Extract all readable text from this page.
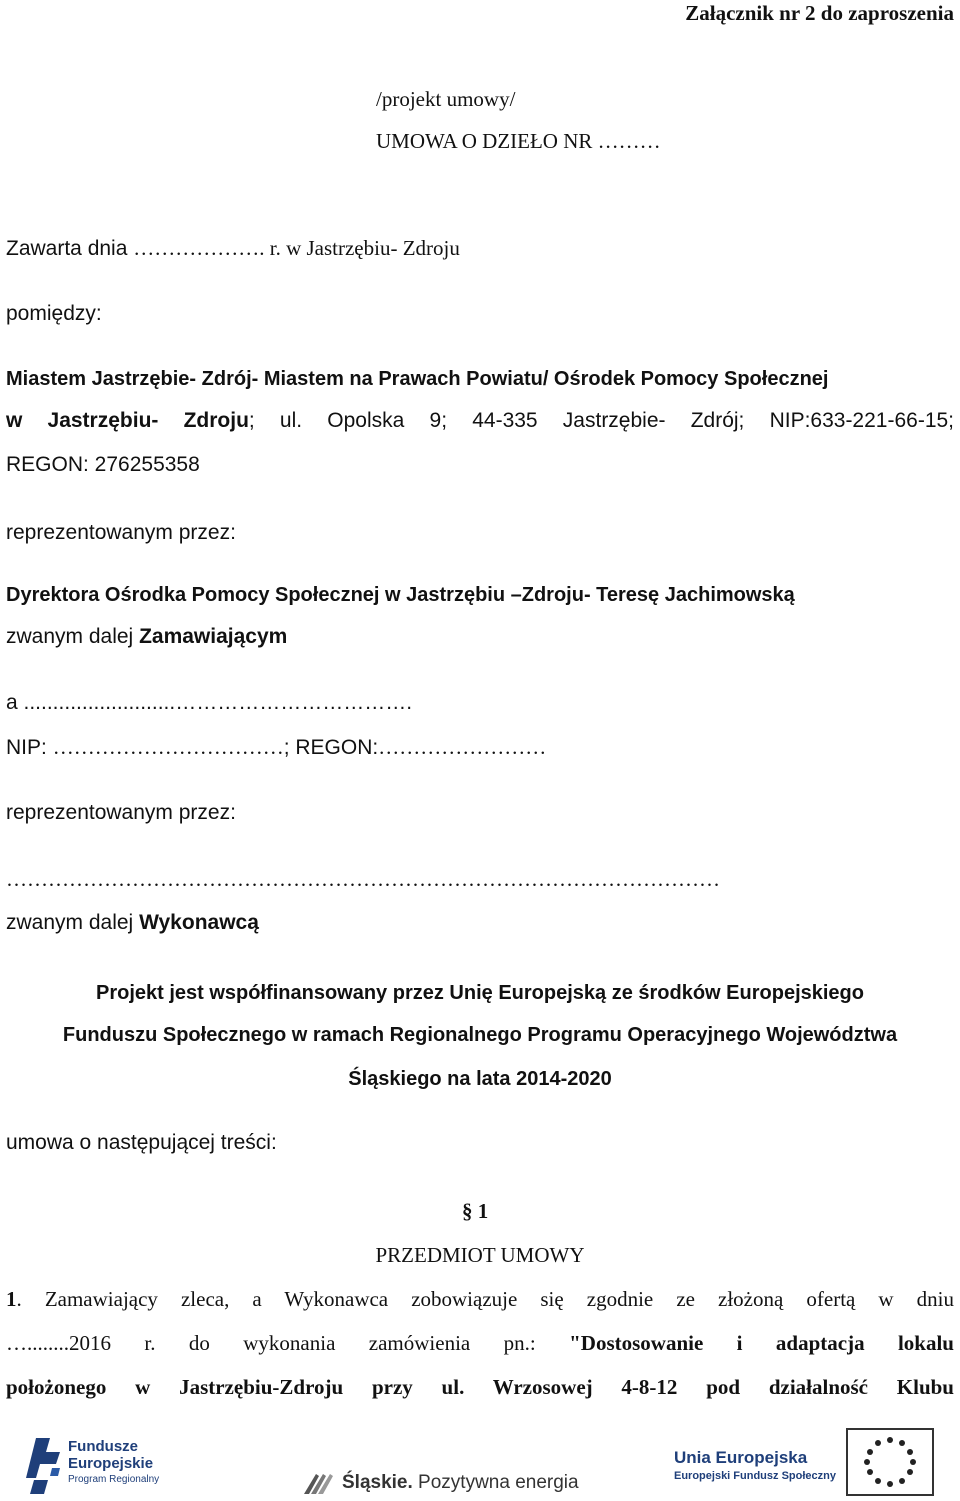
Załącznik nr 2 do zaproszenia
/projekt umowy/
UMOWA O DZIEŁO NR ………
Zawarta dnia ………………. r. w Jastrzębiu- Zdroju
pomiędzy:
Miastem Jastrzębie- Zdrój- Miastem na Prawach Powiatu/ Ośrodek Pomocy Społecznej
w Jastrzębiu- Zdroju; ul. Opolska 9; 44-335 Jastrzębie- Zdrój; NIP:633-221-66-15;
REGON: 276255358
reprezentowanym przez:
Dyrektora Ośrodka Pomocy Społecznej w Jastrzębiu –Zdroju- Teresę Jachimowską
zwanym dalej Zamawiającym
a ..........................…………………………….
NIP: ……………………………; REGON:……………………
reprezentowanym przez:
…………………………………………………………………………………………
zwanym dalej Wykonawcą
Projekt jest współfinansowany przez Unię Europejską ze środków Europejskiego
Funduszu Społecznego w ramach Regionalnego Programu Operacyjnego Województwa
Śląskiego na lata 2014-2020
umowa o następującej treści:
§ 1
PRZEDMIOT UMOWY
1. Zamawiający zleca, a Wykonawca zobowiązuje się zgodnie ze złożoną ofertą w dniu
…........2016 r. do wykonania zamówienia pn.: "Dostosowanie i adaptacja lokalu
położonego w Jastrzębiu-Zdroju przy ul. Wrzosowej 4-8-12 pod działalność Klubu
Fundusze
Europejskie
Program Regionalny	Śląskie. Pozytywna energia
Unia Europejska
Europejski Fundusz Społeczny
